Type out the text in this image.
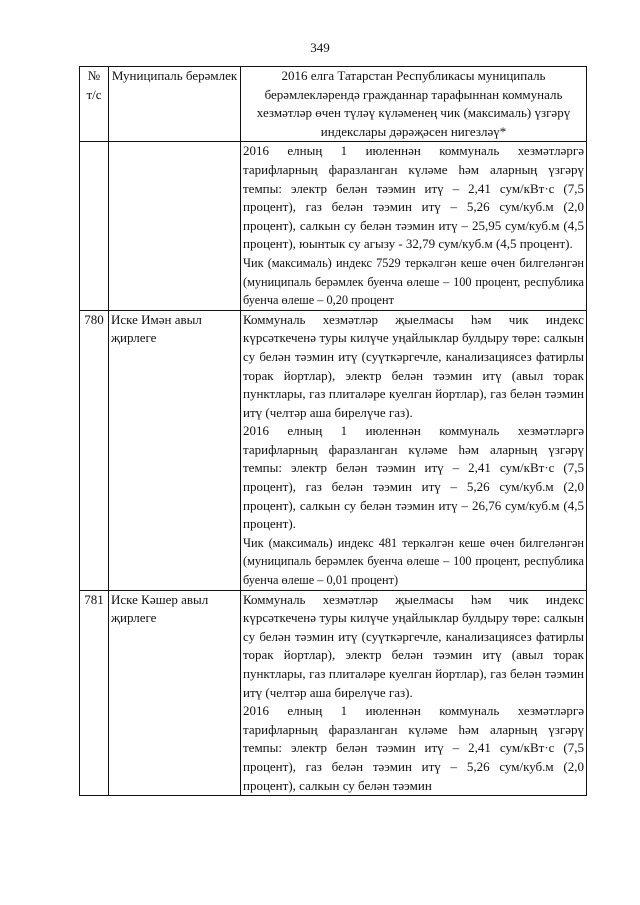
349
№
т/с	Муниципаль берәмлек	2016 елга Татарстан Республикасы муниципаль берәмлекләрендә гражданнар тарафыннан коммуналь хезмәтләр өчен түләү күләменең чик (максималь) үзгәрү индекслары дәрәҗәсен нигезләү*

		2016 елның 1 июленнән коммуналь хезмәтләргә тарифларның фаразланган күләме һәм аларның үзгәрү темпы: электр белән тәэмин итү – 2,41 сум/кВт·с (7,5 процент), газ белән тәэмин итү – 5,26 сум/куб.м (2,0 процент), салкын су белән тәэмин итү – 25,95 сум/куб.м (4,5 процент), юынтык су агызу - 32,79 сум/куб.м (4,5 процент).

Чик (максималь) индекс 7529 теркәлгән кеше өчен билгеләнгән (муниципаль берәмлек буенча өлеше – 100 процент, республика буенча өлеше – 0,20 процент

780	Иске Имән авыл җирлеге	Коммуналь хезмәтләр җыелмасы һәм чик индекс күрсәткеченә туры килүче уңайлыклар булдыру төре: салкын су белән тәэмин итү (суүткәргечле, канализациясез фатирлы торак йортлар), электр белән тәэмин итү (авыл торак пунктлары, газ плиталәре куелган йортлар), газ белән тәэмин итү (челтәр аша бирелүче газ).

2016 елның 1 июленнән коммуналь хезмәтләргә тарифларның фаразланган күләме һәм аларның үзгәрү темпы: электр белән тәэмин итү – 2,41 сум/кВт·с (7,5 процент), газ белән тәэмин итү – 5,26 сум/куб.м (2,0 процент), салкын су белән тәэмин итү – 26,76 сум/куб.м (4,5 процент).

Чик (максималь) индекс 481 теркәлгән кеше өчен билгеләнгән (муниципаль берәмлек буенча өлеше – 100 процент, республика буенча өлеше – 0,01 процент)

781	Иске Кәшер авыл җирлеге	Коммуналь хезмәтләр җыелмасы һәм чик индекс күрсәткеченә туры килүче уңайлыклар булдыру төре: салкын су белән тәэмин итү (суүткәргечле, канализациясез фатирлы торак йортлар), электр белән тәэмин итү (авыл торак пунктлары, газ плиталәре куелган йортлар), газ белән тәэмин итү (челтәр аша бирелүче газ).

2016 елның 1 июленнән коммуналь хезмәтләргә тарифларның фаразланган күләме һәм аларның үзгәрү темпы: электр белән тәэмин итү – 2,41 сум/кВт·с (7,5 процент), газ белән тәэмин итү – 5,26 сум/куб.м (2,0 процент), салкын су белән тәэмин
